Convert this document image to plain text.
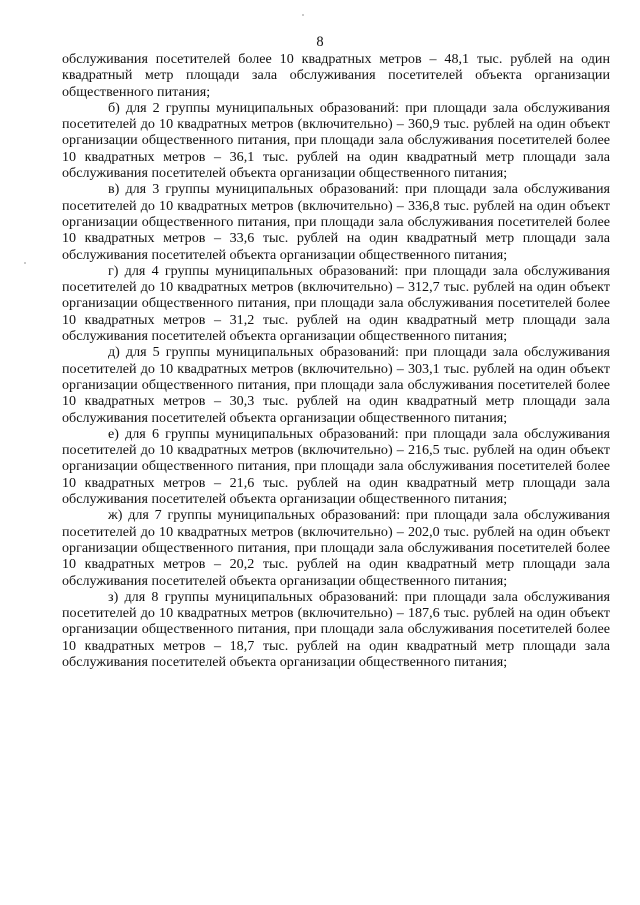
8

обслуживания посетителей более 10 квадратных метров – 48,1 тыс. рублей на один квадратный метр площади зала обслуживания посетителей объекта организации общественного питания;

б) для 2 группы муниципальных образований: при площади зала обслуживания посетителей до 10 квадратных метров (включительно) – 360,9 тыс. рублей на один объект организации общественного питания, при площади зала обслуживания посетителей более 10 квадратных метров – 36,1 тыс. рублей на один квадратный метр площади зала обслуживания посетителей объекта организации общественного питания;

в) для 3 группы муниципальных образований: при площади зала обслуживания посетителей до 10 квадратных метров (включительно) – 336,8 тыс. рублей на один объект организации общественного питания, при площади зала обслуживания посетителей более 10 квадратных метров – 33,6 тыс. рублей на один квадратный метр площади зала обслуживания посетителей объекта организации общественного питания;

г) для 4 группы муниципальных образований: при площади зала обслуживания посетителей до 10 квадратных метров (включительно) – 312,7 тыс. рублей на один объект организации общественного питания, при площади зала обслуживания посетителей более 10 квадратных метров – 31,2 тыс. рублей на один квадратный метр площади зала обслуживания посетителей объекта организации общественного питания;

д) для 5 группы муниципальных образований: при площади зала обслуживания посетителей до 10 квадратных метров (включительно) – 303,1 тыс. рублей на один объект организации общественного питания, при площади зала обслуживания посетителей более 10 квадратных метров – 30,3 тыс. рублей на один квадратный метр площади зала обслуживания посетителей объекта организации общественного питания;

е) для 6 группы муниципальных образований: при площади зала обслуживания посетителей до 10 квадратных метров (включительно) – 216,5 тыс. рублей на один объект организации общественного питания, при площади зала обслуживания посетителей более 10 квадратных метров – 21,6 тыс. рублей на один квадратный метр площади зала обслуживания посетителей объекта организации общественного питания;

ж) для 7 группы муниципальных образований: при площади зала обслуживания посетителей до 10 квадратных метров (включительно) – 202,0 тыс. рублей на один объект организации общественного питания, при площади зала обслуживания посетителей более 10 квадратных метров – 20,2 тыс. рублей на один квадратный метр площади зала обслуживания посетителей объекта организации общественного питания;

з) для 8 группы муниципальных образований: при площади зала обслуживания посетителей до 10 квадратных метров (включительно) – 187,6 тыс. рублей на один объект организации общественного питания, при площади зала обслуживания посетителей более 10 квадратных метров – 18,7 тыс. рублей на один квадратный метр площади зала обслуживания посетителей объекта организации общественного питания;
